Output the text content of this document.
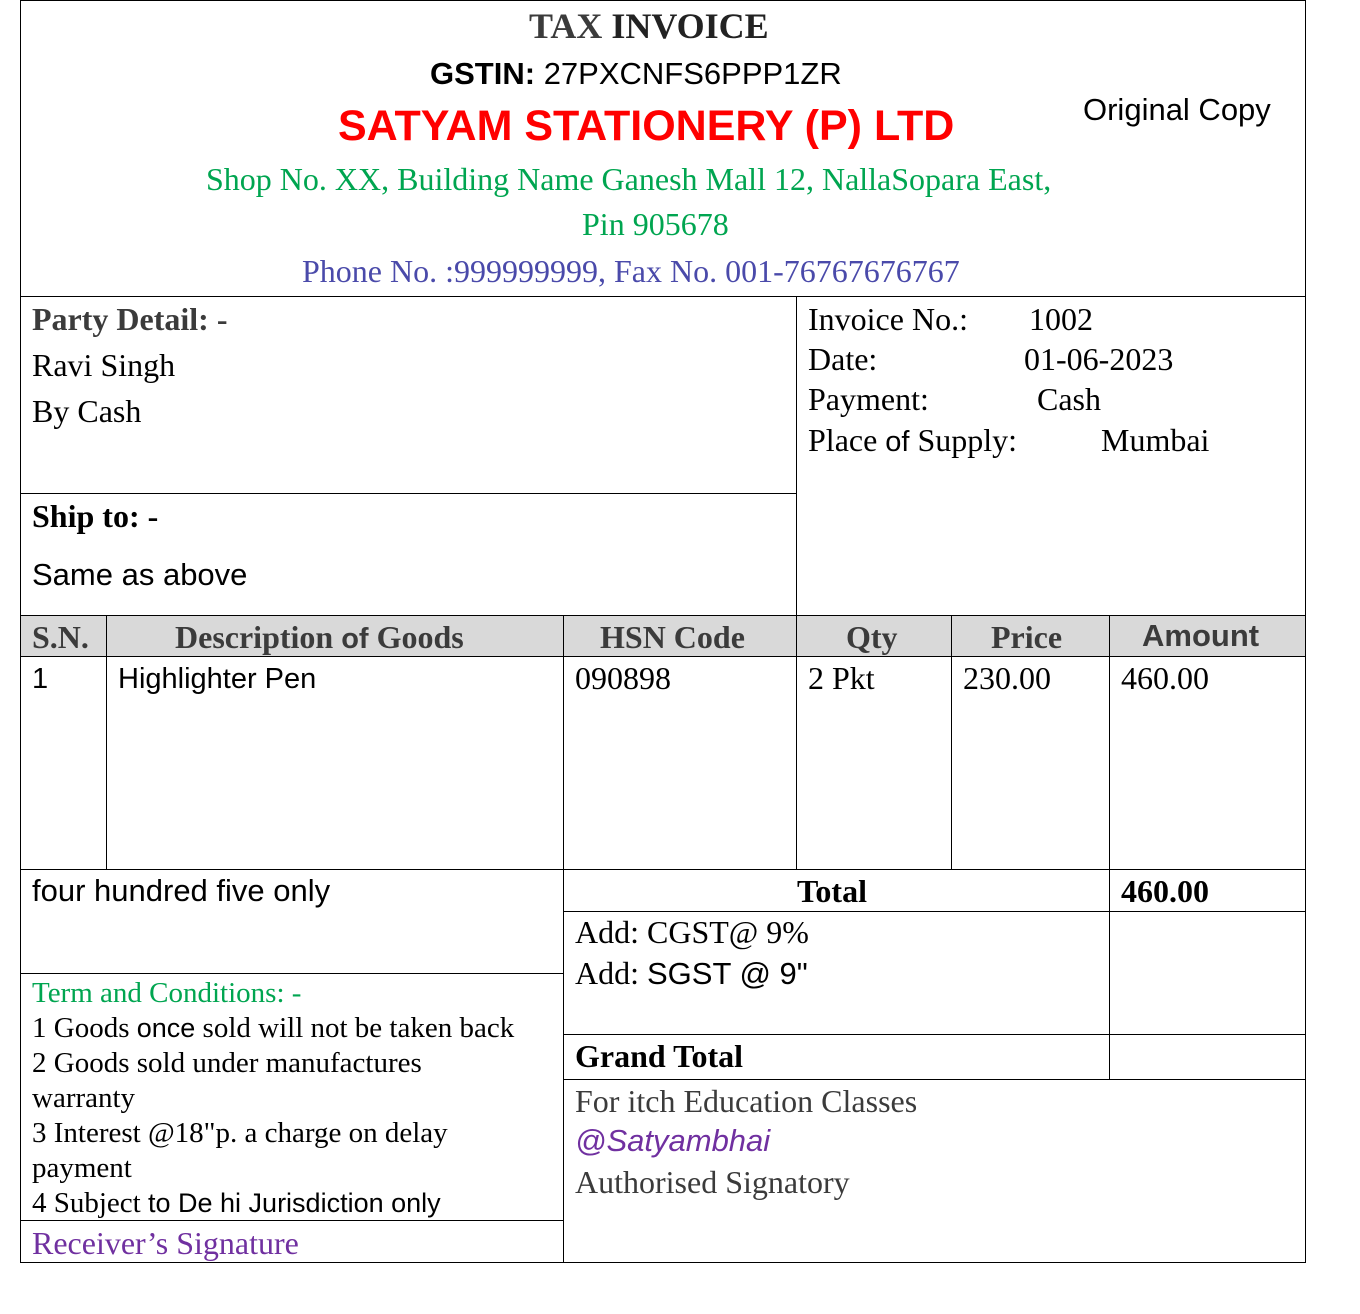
TAX INVOICE
GSTIN: 27PXCNFS6PPP1ZR
SATYAM STATIONERY (P) LTD	Original Copy
Shop No. XX, Building Name Ganesh Mall 12, NallaSopara East,
Pin 905678
Phone No. :999999999, Fax No. 001-76767676767
Party Detail: -
Ravi Singh
By Cash
Ship to: -
Same as above
Invoice No.: 1002
Date:	01-06-2023
Payment:	Cash
Place of Supply:	Mumbai
S.N.	Description of Goods	HSN Code	Qty	Price	Amount
1 Highlighter Pen	090898	2 Pkt	230.00 460.00
four hundred five only	Total	460.00
Add: CGST@ 9%
Add: SGST @ 9"
Grand Total
Term and Conditions: -
1 Goods once sold will not be taken back
2 Goods sold under manufactures
warranty
3 Interest @18"p. a charge on delay
payment
4 Subject to De hi Jurisdiction only
For itch Education Classes
@Satyambhai
Authorised Signatory
Receiver’s Signature
